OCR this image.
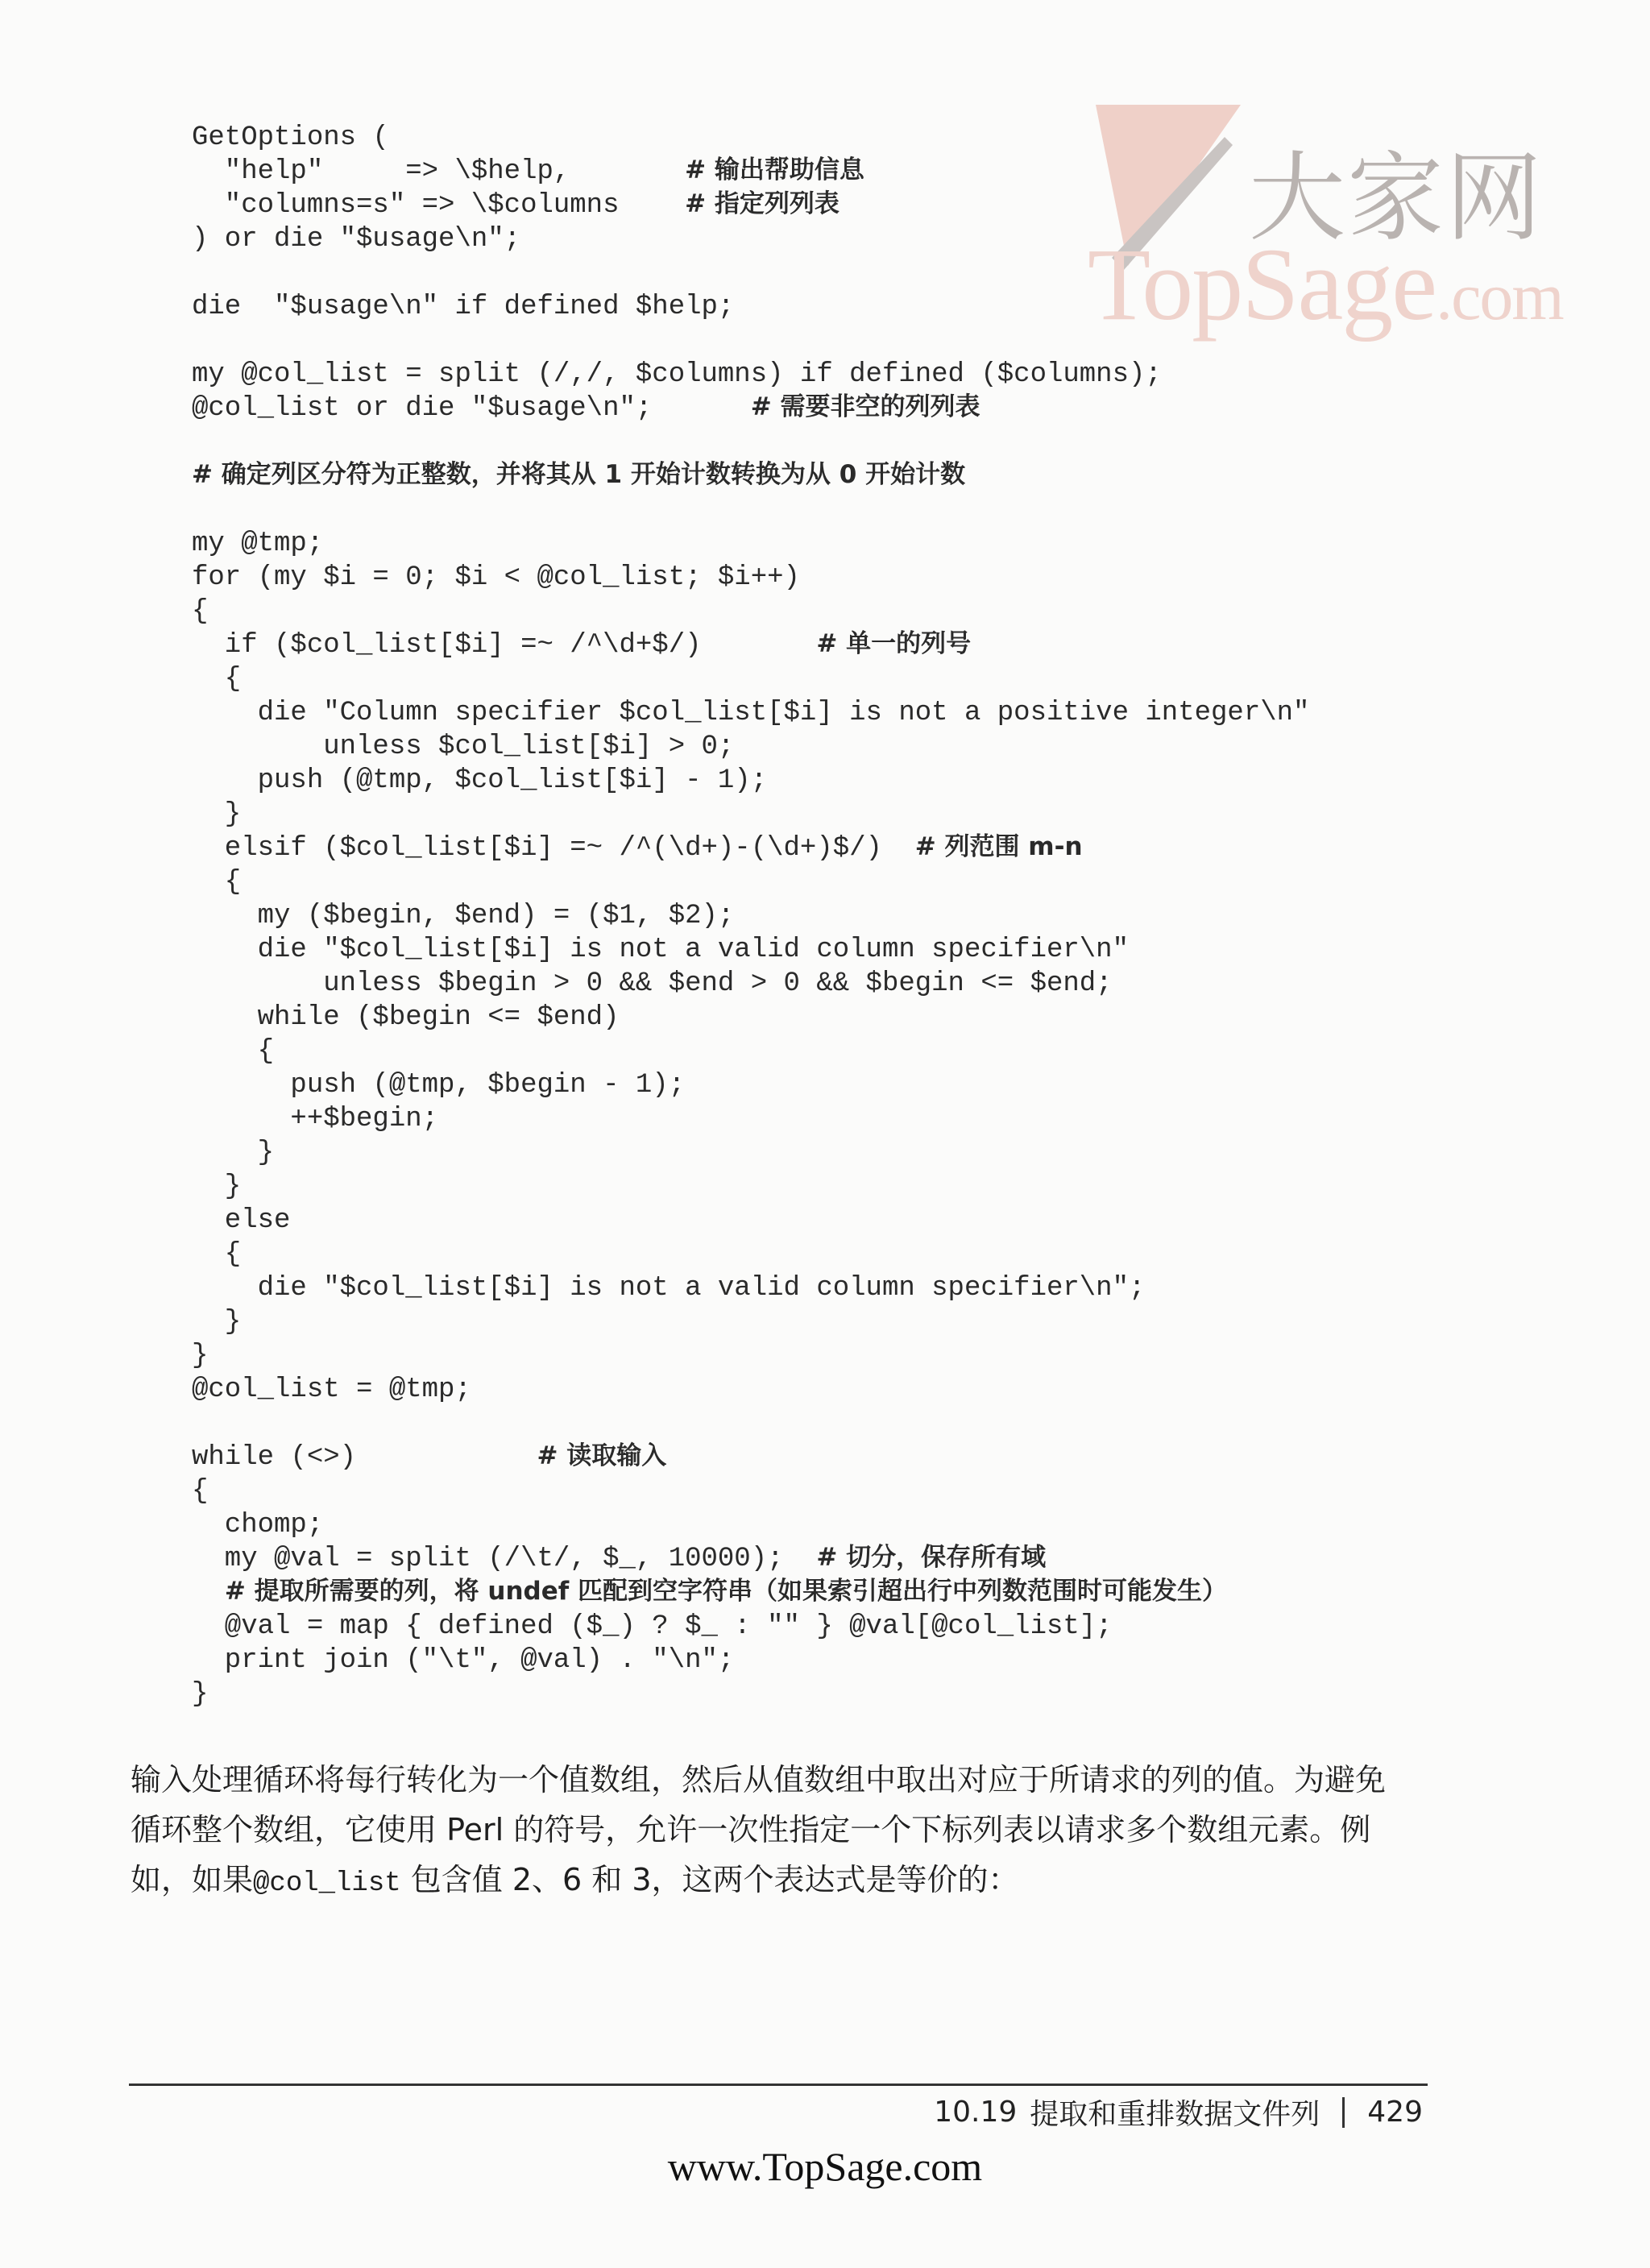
大家网
TopSage.com
GetOptions (
"help"     => \$help,       # 输出帮助信息
"columns=s" => \$columns    # 指定列列表
) or die "$usage\n";
die  "$usage\n" if defined $help;
my @col_list = split (/,/, $columns) if defined ($columns);
@col_list or die "$usage\n";      # 需要非空的列列表
# 确定列区分符为正整数，并将其从 1 开始计数转换为从 0 开始计数
my @tmp;
for (my $i = 0; $i < @col_list; $i++)
{
if ($col_list[$i] =~ /^\d+$/)       # 单一的列号
{
die "Column specifier $col_list[$i] is not a positive integer\n"
unless $col_list[$i] > 0;
push (@tmp, $col_list[$i] - 1);
}
elsif ($col_list[$i] =~ /^(\d+)-(\d+)$/)  # 列范围 m-n
{
my ($begin, $end) = ($1, $2);
die "$col_list[$i] is not a valid column specifier\n"
unless $begin > 0 && $end > 0 && $begin <= $end;
while ($begin <= $end)
{
push (@tmp, $begin - 1);
++$begin;
}
}
else
{
die "$col_list[$i] is not a valid column specifier\n";
}
}
@col_list = @tmp;
while (<>)           # 读取输入
{
chomp;
my @val = split (/\t/, $_, 10000);  # 切分，保存所有域
# 提取所需要的列，将 undef 匹配到空字符串（如果索引超出行中列数范围时可能发生）
@val = map { defined ($_) ? $_ : "" } @val[@col_list];
print join ("\t", @val) . "\n";
}

输入处理循环将每行转化为一个值数组，然后从值数组中取出对应于所请求的列的值。为避免循环整个数组，它使用 Perl 的符号，允许一次性指定一个下标列表以请求多个数组元素。例如，如果@col_list 包含值 2、6 和 3，这两个表达式是等价的：

10.19 提取和重排数据文件列 429
www.TopSage.com
